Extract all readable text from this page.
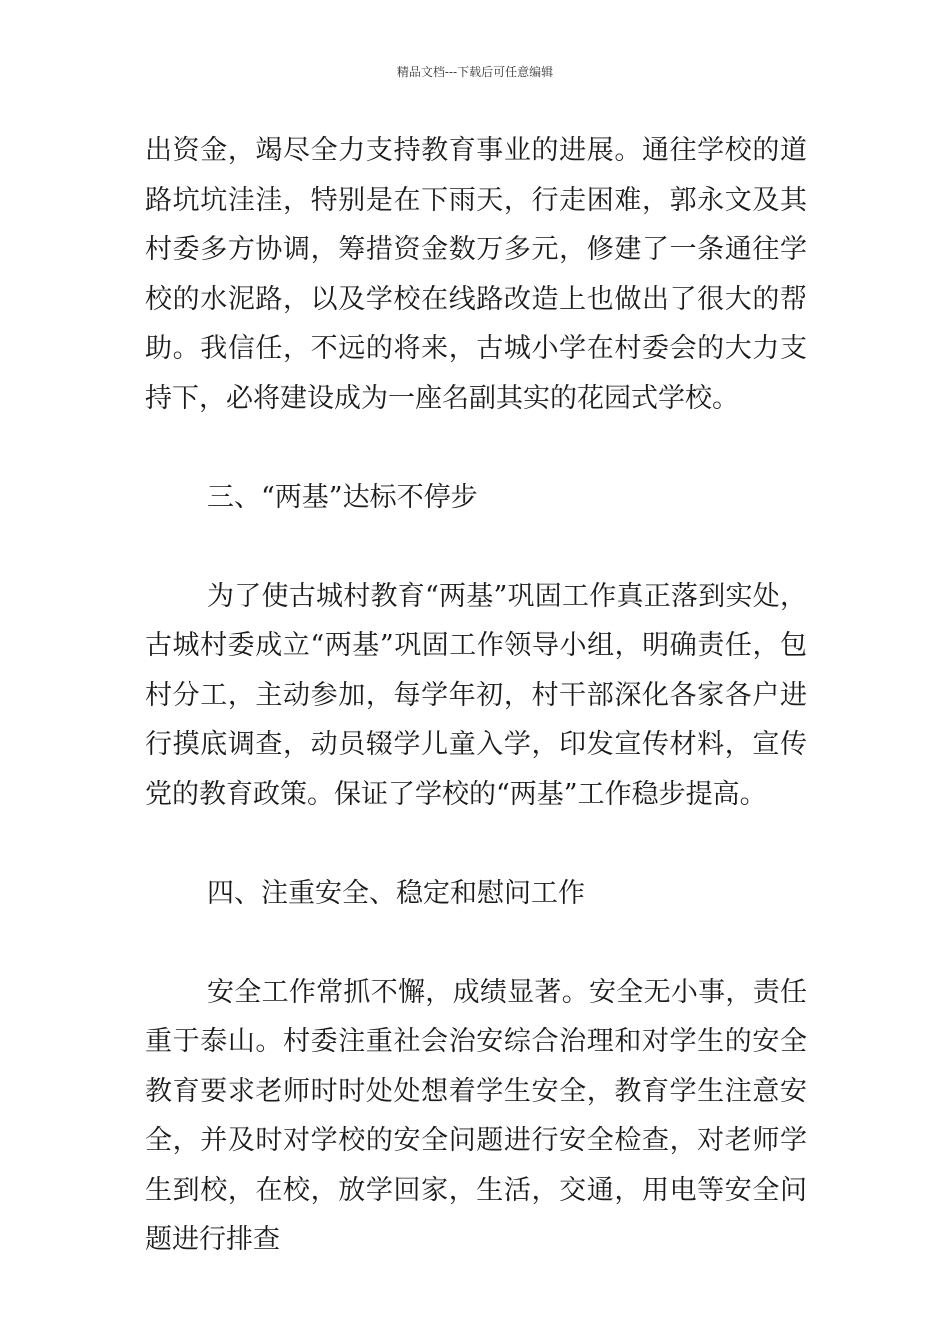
精品文档---下载后可任意编辑

出资金，竭尽全力支持教育事业的进展。通往学校的道路坑坑洼洼，特别是在下雨天，行走困难，郭永文及其村委多方协调，筹措资金数万多元，修建了一条通往学校的水泥路，以及学校在线路改造上也做出了很大的帮助。我信任，不远的将来，古城小学在村委会的大力支持下，必将建设成为一座名副其实的花园式学校。

三、“两基”达标不停步

为了使古城村教育“两基”巩固工作真正落到实处，古城村委成立“两基”巩固工作领导小组，明确责任，包村分工，主动参加，每学年初，村干部深化各家各户进行摸底调查，动员辍学儿童入学，印发宣传材料，宣传党的教育政策。保证了学校的“两基”工作稳步提高。

四、注重安全、稳定和慰问工作

安全工作常抓不懈，成绩显著。安全无小事，责任重于泰山。村委注重社会治安综合治理和对学生的安全教育要求老师时时处处想着学生安全，教育学生注意安全，并及时对学校的安全问题进行安全检查，对老师学生到校，在校，放学回家，生活，交通，用电等安全问题进行排查
